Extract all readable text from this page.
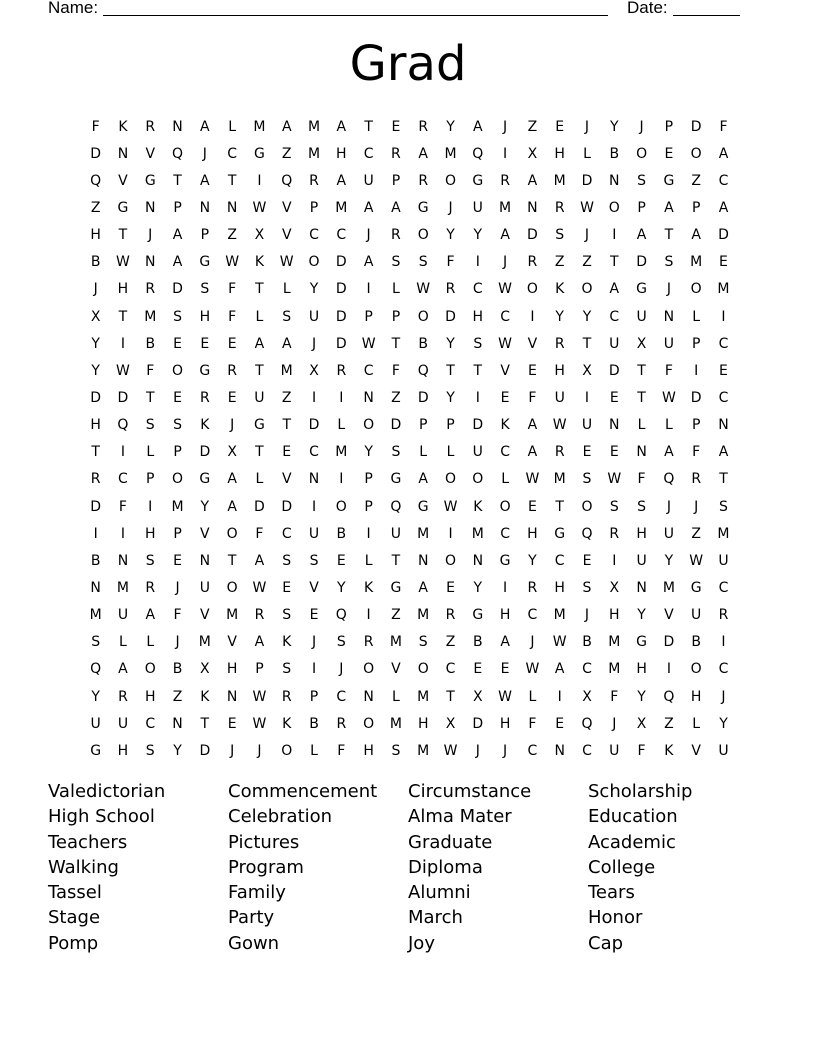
Name:	Date:
Grad
F	K	R	N	A	L	M	A	M	A	T	E	R	Y	A	J	Z	E	J	Y	J	P	D	F
D	N	V	Q	J	C	G	Z	M	H	C	R	A	M	Q	I	X	H	L	B	O	E	O	A
Q	V	G	T	A	T	I	Q	R	A	U	P	R	O	G	R	A	M	D	N	S	G	Z	C
Z	G	N	P	N	N	W	V	P	M	A	A	G	J	U	M	N	R	W	O	P	A	P	A
H	T	J	A	P	Z	X	V	C	C	J	R	O	Y	Y	A	D	S	J	I	A	T	A	D
B	W	N	A	G	W	K	W	O	D	A	S	S	F	I	J	R	Z	Z	T	D	S	M	E
J	H	R	D	S	F	T	L	Y	D	I	L	W	R	C	W	O	K	O	A	G	J	O	M
X	T	M	S	H	F	L	S	U	D	P	P	O	D	H	C	I	Y	Y	C	U	N	L	I
Y	I	B	E	E	E	A	A	J	D	W	T	B	Y	S	W	V	R	T	U	X	U	P	C
Y	W	F	O	G	R	T	M	X	R	C	F	Q	T	T	V	E	H	X	D	T	F	I	E
D	D	T	E	R	E	U	Z	I	I	N	Z	D	Y	I	E	F	U	I	E	T	W	D	C
H	Q	S	S	K	J	G	T	D	L	O	D	P	P	D	K	A	W	U	N	L	L	P	N
T	I	L	P	D	X	T	E	C	M	Y	S	L	L	U	C	A	R	E	E	N	A	F	A
R	C	P	O	G	A	L	V	N	I	P	G	A	O	O	L	W	M	S	W	F	Q	R	T
D	F	I	M	Y	A	D	D	I	O	P	Q	G	W	K	O	E	T	O	S	S	J	J	S
I	I	H	P	V	O	F	C	U	B	I	U	M	I	M	C	H	G	Q	R	H	U	Z	M
B	N	S	E	N	T	A	S	S	E	L	T	N	O	N	G	Y	C	E	I	U	Y	W	U
N	M	R	J	U	O	W	E	V	Y	K	G	A	E	Y	I	R	H	S	X	N	M	G	C
M	U	A	F	V	M	R	S	E	Q	I	Z	M	R	G	H	C	M	J	H	Y	V	U	R
S	L	L	J	M	V	A	K	J	S	R	M	S	Z	B	A	J	W	B	M	G	D	B	I
Q	A	O	B	X	H	P	S	I	J	O	V	O	C	E	E	W	A	C	M	H	I	O	C
Y	R	H	Z	K	N	W	R	P	C	N	L	M	T	X	W	L	I	X	F	Y	Q	H	J
U	U	C	N	T	E	W	K	B	R	O	M	H	X	D	H	F	E	Q	J	X	Z	L	Y
G	H	S	Y	D	J	J	O	L	F	H	S	M	W	J	J	C	N	C	U	F	K	V	U
Valedictorian	Commencement	Circumstance	Scholarship
High School	Celebration	Alma Mater	Education
Teachers	Pictures	Graduate	Academic
Walking	Program	Diploma	College
Tassel	Family	Alumni	Tears
Stage	Party	March	Honor
Pomp	Gown	Joy	Cap
